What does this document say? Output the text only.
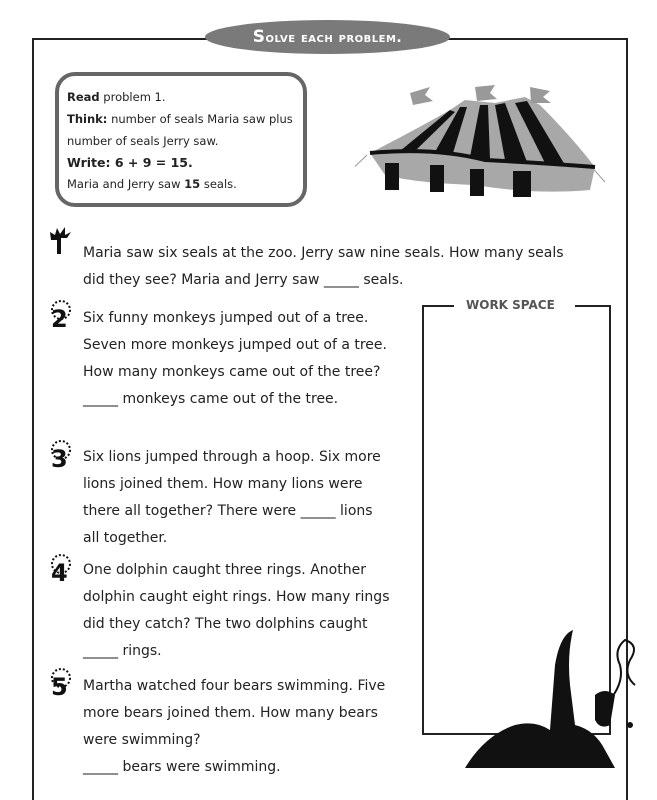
Solve each problem.
Read problem 1.
Think: number of seals Maria saw plus
number of seals Jerry saw.
Write: 6 + 9 = 15.
Maria and Jerry saw 15 seals.
Maria saw six seals at the zoo. Jerry saw nine seals. How many seals
did they see? Maria and Jerry saw _____ seals.
2 Six funny monkeys jumped out of a tree.
Seven more monkeys jumped out of a tree.
How many monkeys came out of the tree?
_____ monkeys came out of the tree.
3 Six lions jumped through a hoop. Six more
lions joined them. How many lions were
there all together? There were _____ lions
all together.
4 One dolphin caught three rings. Another
dolphin caught eight rings. How many rings
did they catch? The two dolphins caught
_____ rings.
5 Martha watched four bears swimming. Five
more bears joined them. How many bears
were swimming?
_____ bears were swimming.
WORK SPACE
